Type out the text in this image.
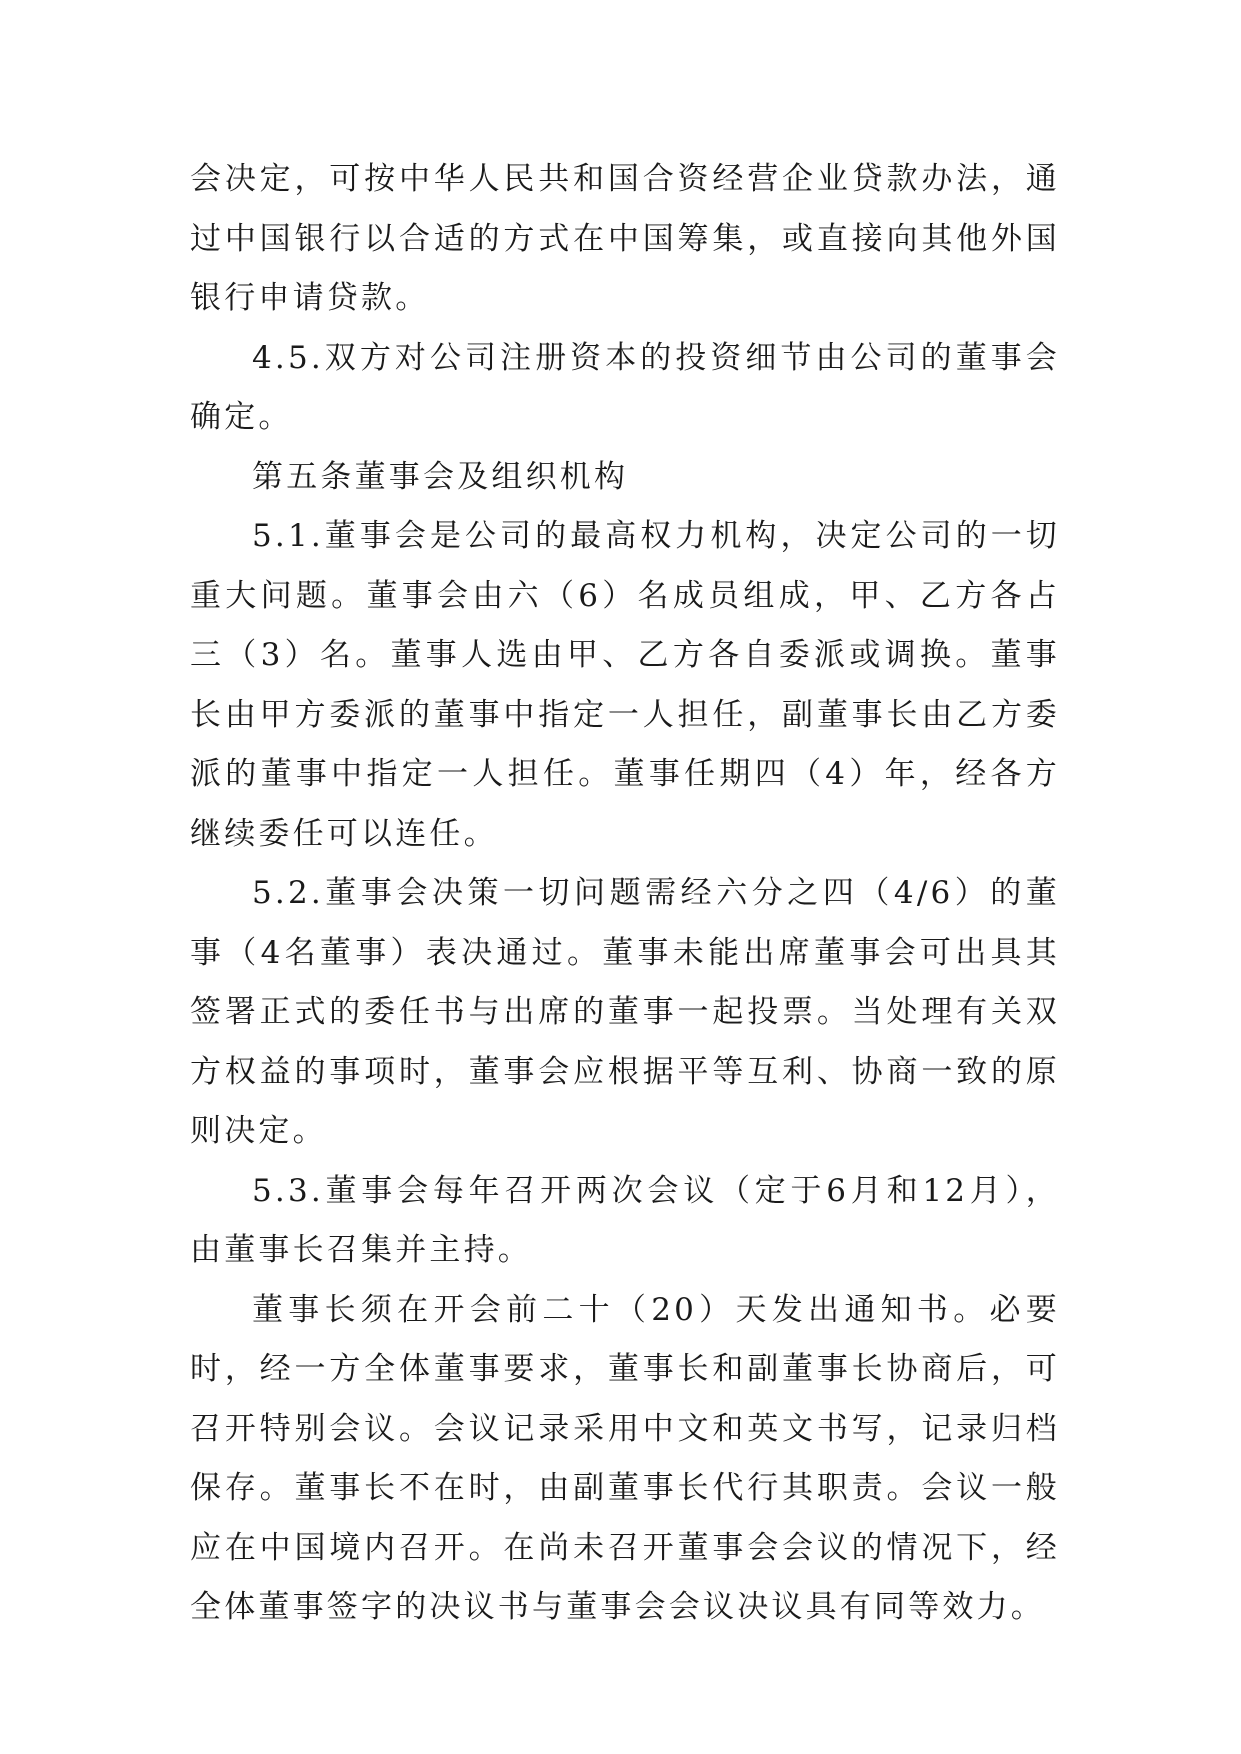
会决定，可按中华人民共和国合资经营企业贷款办法，通过中国银行以合适的方式在中国筹集，或直接向其他外国银行申请贷款。

4.5.双方对公司注册资本的投资细节由公司的董事会确定。

第五条董事会及组织机构

5.1.董事会是公司的最高权力机构，决定公司的一切重大问题。董事会由六（6）名成员组成，甲、乙方各占三（3）名。董事人选由甲、乙方各自委派或调换。董事长由甲方委派的董事中指定一人担任，副董事长由乙方委派的董事中指定一人担任。董事任期四（4）年，经各方继续委任可以连任。

5.2.董事会决策一切问题需经六分之四（4/6）的董事（4名董事）表决通过。董事未能出席董事会可出具其签署正式的委任书与出席的董事一起投票。当处理有关双方权益的事项时，董事会应根据平等互利、协商一致的原则决定。

5.3.董事会每年召开两次会议（定于6月和12月），由董事长召集并主持。

董事长须在开会前二十（20）天发出通知书。必要时，经一方全体董事要求，董事长和副董事长协商后，可召开特别会议。会议记录采用中文和英文书写，记录归档保存。董事长不在时，由副董事长代行其职责。会议一般应在中国境内召开。在尚未召开董事会会议的情况下，经全体董事签字的决议书与董事会会议决议具有同等效力。
